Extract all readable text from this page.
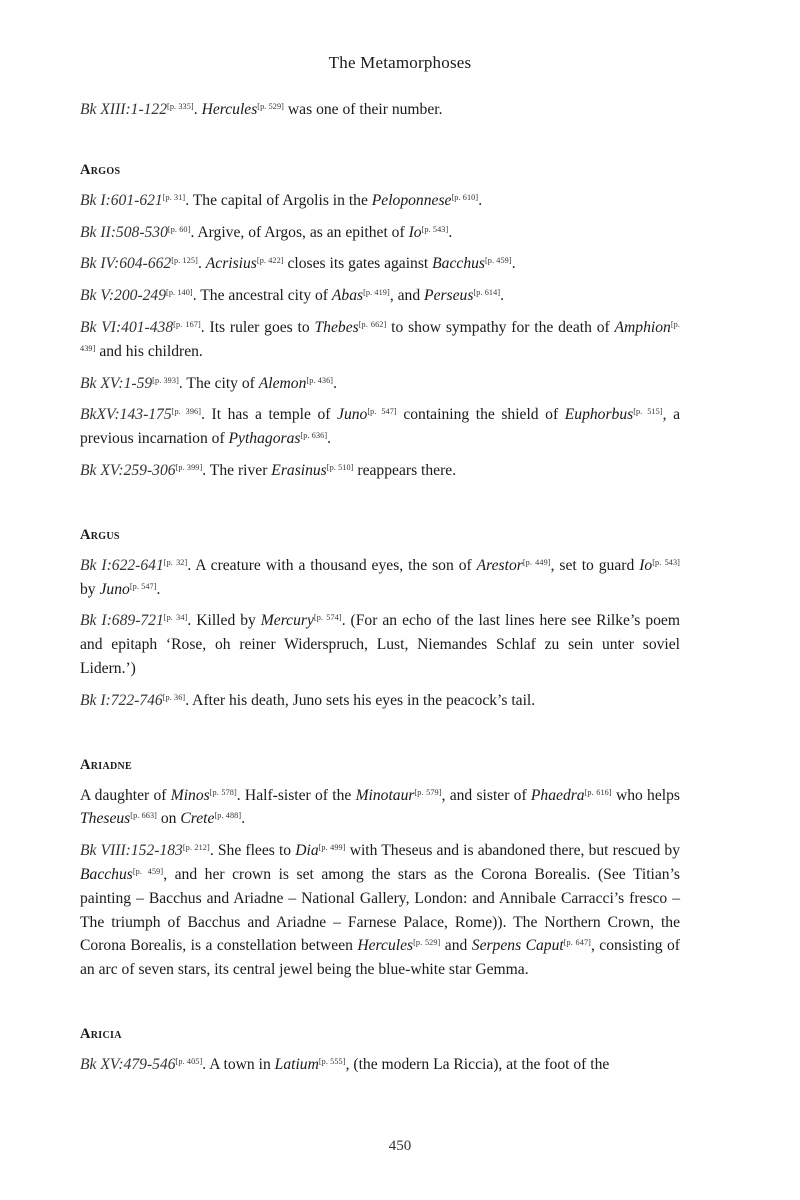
The Metamorphoses

Bk XIII:1-122[p. 335]. Hercules[p. 529] was one of their number.

Argos

Bk I:601-621[p. 31]. The capital of Argolis in the Peloponnese[p. 610].

Bk II:508-530[p. 60]. Argive, of Argos, as an epithet of Io[p. 543].

Bk IV:604-662[p. 125]. Acrisius[p. 422] closes its gates against Bacchus[p. 459].

Bk V:200-249[p. 140]. The ancestral city of Abas[p. 419], and Perseus[p. 614].

Bk VI:401-438[p. 167]. Its ruler goes to Thebes[p. 662] to show sympathy for the death of Amphion[p. 439] and his children.

Bk XV:1-59[p. 393]. The city of Alemon[p. 436].

BkXV:143-175[p. 396]. It has a temple of Juno[p. 547] containing the shield of Euphorbus[p. 515], a previous incarnation of Pythagoras[p. 636].

Bk XV:259-306[p. 399]. The river Erasinus[p. 510] reappears there.

Argus

Bk I:622-641[p. 32]. A creature with a thousand eyes, the son of Arestor[p. 449], set to guard Io[p. 543] by Juno[p. 547].

Bk I:689-721[p. 34]. Killed by Mercury[p. 574]. (For an echo of the last lines here see Rilke’s poem and epitaph ‘Rose, oh reiner Widerspruch, Lust, Niemandes Schlaf zu sein unter soviel Lidern.’)

Bk I:722-746[p. 36]. After his death, Juno sets his eyes in the peacock’s tail.

Ariadne

A daughter of Minos[p. 578]. Half-sister of the Minotaur[p. 579], and sister of Phaedra[p. 616] who helps Theseus[p. 663] on Crete[p. 488].

Bk VIII:152-183[p. 212]. She flees to Dia[p. 499] with Theseus and is abandoned there, but rescued by Bacchus[p. 459], and her crown is set among the stars as the Corona Borealis. (See Titian’s painting – Bacchus and Ariadne – National Gallery, London: and Annibale Carracci’s fresco – The triumph of Bacchus and Ariadne – Farnese Palace, Rome)). The Northern Crown, the Corona Borealis, is a constellation between Hercules[p. 529] and Serpens Caput[p. 647], consisting of an arc of seven stars, its central jewel being the blue-white star Gemma.

Aricia

Bk XV:479-546[p. 405]. A town in Latium[p. 555], (the modern La Riccia), at the foot of the

450
